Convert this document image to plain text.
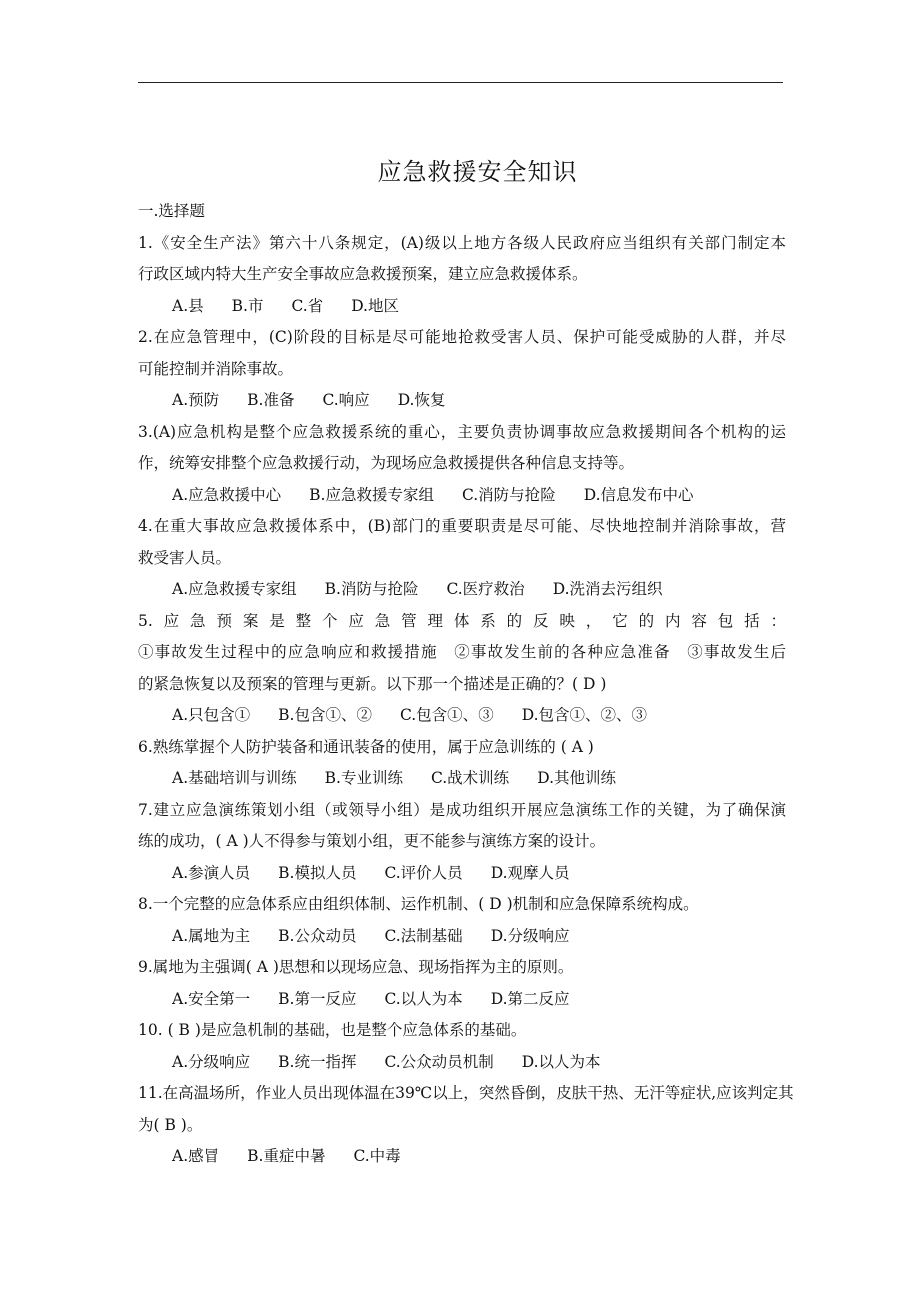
应急救援安全知识
一.选择题
1.《安全生产法》第六十八条规定，(A)级以上地方各级人民政府应当组织有关部门制定本
行政区域内特大生产安全事故应急救援预案，建立应急救援体系。
A.县 B.市 C.省 D.地区
2.在应急管理中，(C)阶段的目标是尽可能地抢救受害人员、保护可能受威胁的人群，并尽
可能控制并消除事故。
A.预防 B.准备 C.响应 D.恢复
3.(A)应急机构是整个应急救援系统的重心，主要负责协调事故应急救援期间各个机构的运
作，统筹安排整个应急救援行动，为现场应急救援提供各种信息支持等。
A.应急救援中心 B.应急救援专家组 C.消防与抢险 D.信息发布中心
4.在重大事故应急救援体系中，(B)部门的重要职责是尽可能、尽快地控制并消除事故，营
救受害人员。
A.应急救援专家组 B.消防与抢险 C.医疗救治 D.洗消去污组织
5.应急预案是整个应急管理体系的反映，它的内容包括：
①事故发生过程中的应急响应和救援措施　②事故发生前的各种应急准备　③事故发生后
的紧急恢复以及预案的管理与更新。以下那一个描述是正确的？( D )
A.只包含① B.包含①、② C.包含①、③ D.包含①、②、③
6.熟练掌握个人防护装备和通讯装备的使用，属于应急训练的 ( A )
A.基础培训与训练 B.专业训练 C.战术训练 D.其他训练
7.建立应急演练策划小组（或领导小组）是成功组织开展应急演练工作的关键，为了确保演
练的成功，( A )人不得参与策划小组，更不能参与演练方案的设计。
A.参演人员 B.模拟人员 C.评价人员 D.观摩人员
8.一个完整的应急体系应由组织体制、运作机制、( D )机制和应急保障系统构成。
A.属地为主 B.公众动员 C.法制基础 D.分级响应
9.属地为主强调( A )思想和以现场应急、现场指挥为主的原则。
A.安全第一 B.第一反应 C.以人为本 D.第二反应
10. ( B )是应急机制的基础，也是整个应急体系的基础。
A.分级响应 B.统一指挥 C.公众动员机制 D.以人为本
11.在高温场所，作业人员出现体温在39℃以上，突然昏倒，皮肤干热、无汗等症状,应该判定其
为( B )。
A.感冒 B.重症中暑 C.中毒
